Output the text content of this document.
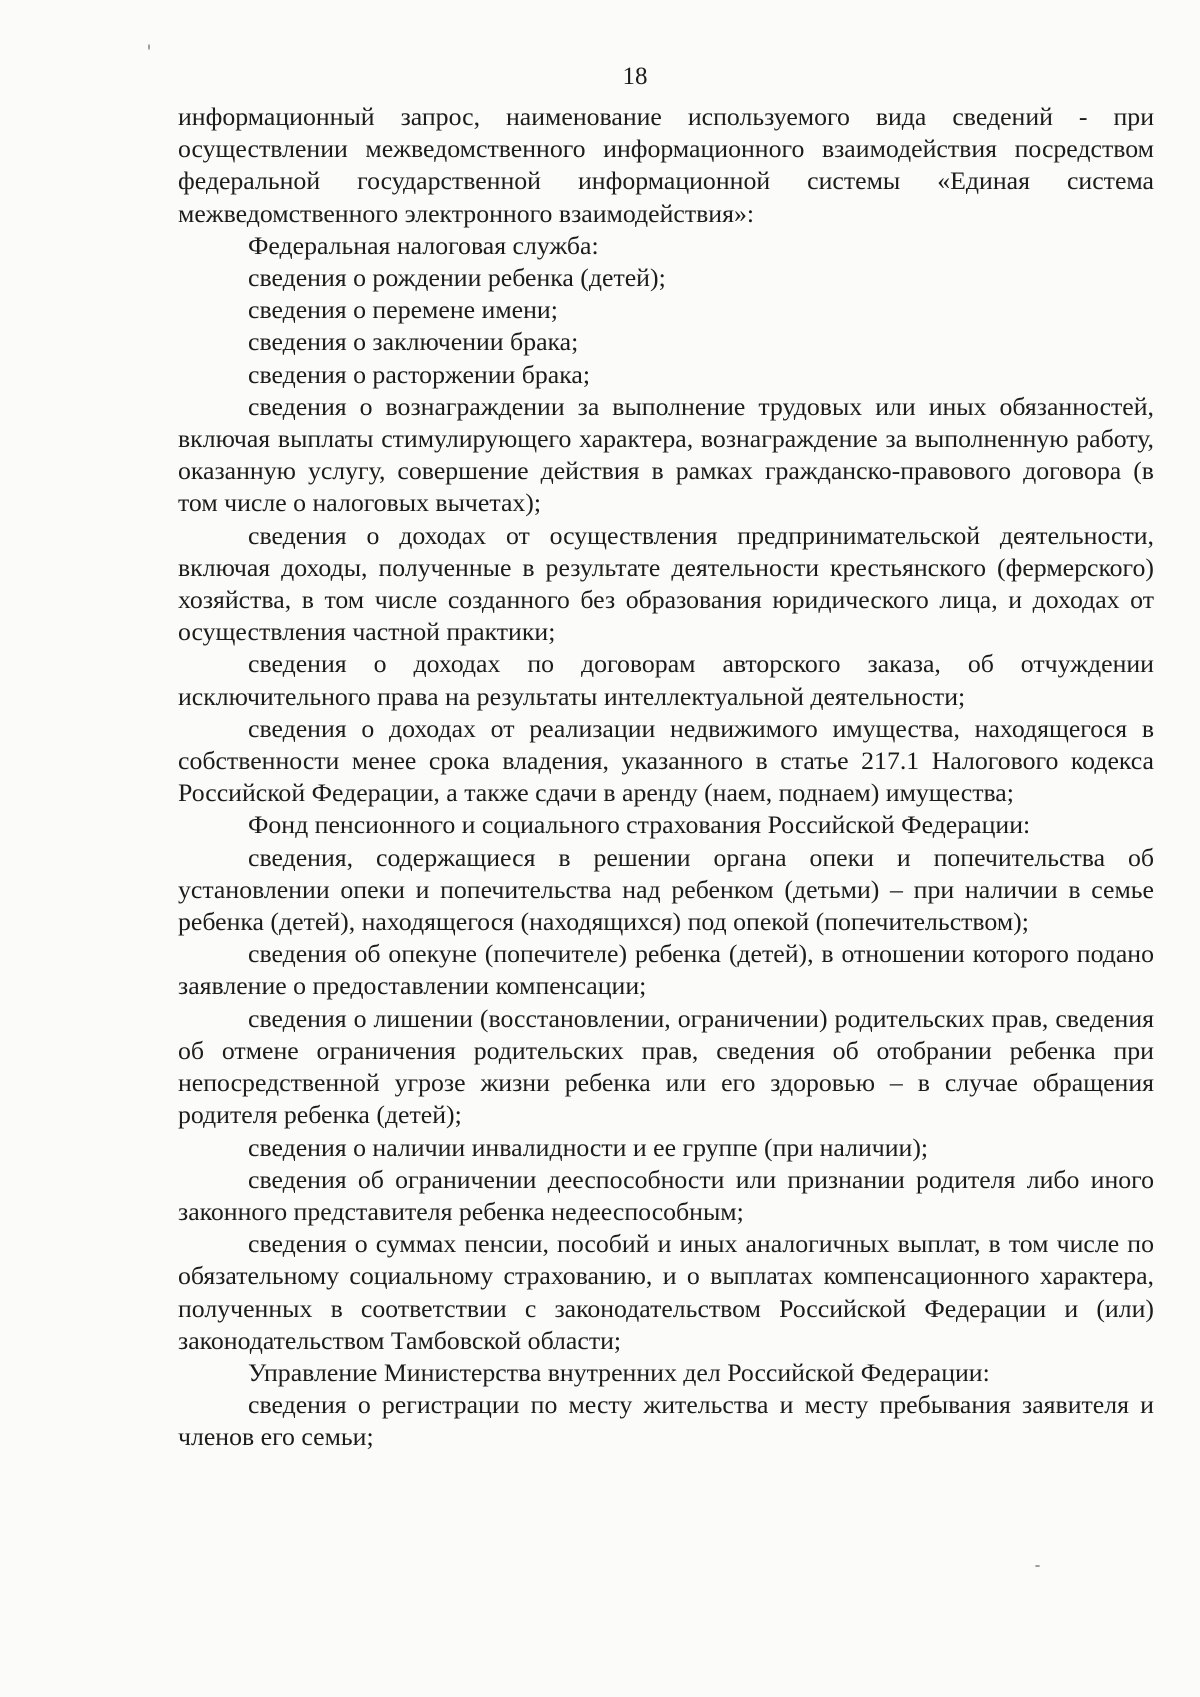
18

информационный запрос, наименование используемого вида сведений - при осуществлении межведомственного информационного взаимодействия посредством федеральной государственной информационной системы «Единая система межведомственного электронного взаимодействия»:

Федеральная налоговая служба:

сведения о рождении ребенка (детей);

сведения о перемене имени;

сведения о заключении брака;

сведения о расторжении брака;

сведения о вознаграждении за выполнение трудовых или иных обязанностей, включая выплаты стимулирующего характера, вознаграждение за выполненную работу, оказанную услугу, совершение действия в рамках гражданско-правового договора (в том числе о налоговых вычетах);

сведения о доходах от осуществления предпринимательской деятельности, включая доходы, полученные в результате деятельности крестьянского (фермерского) хозяйства, в том числе созданного без образования юридического лица, и доходах от осуществления частной практики;

сведения о доходах по договорам авторского заказа, об отчуждении исключительного права на результаты интеллектуальной деятельности;

сведения о доходах от реализации недвижимого имущества, находящегося в собственности менее срока владения, указанного в статье 217.1 Налогового кодекса Российской Федерации, а также сдачи в аренду (наем, поднаем) имущества;

Фонд пенсионного и социального страхования Российской Федерации:

сведения, содержащиеся в решении органа опеки и попечительства об установлении опеки и попечительства над ребенком (детьми) – при наличии в семье ребенка (детей), находящегося (находящихся) под опекой (попечительством);

сведения об опекуне (попечителе) ребенка (детей), в отношении которого подано заявление о предоставлении компенсации;

сведения о лишении (восстановлении, ограничении) родительских прав, сведения об отмене ограничения родительских прав, сведения об отобрании ребенка при непосредственной угрозе жизни ребенка или его здоровью – в случае обращения родителя ребенка (детей);

сведения о наличии инвалидности и ее группе (при наличии);

сведения об ограничении дееспособности или признании родителя либо иного законного представителя ребенка недееспособным;

сведения о суммах пенсии, пособий и иных аналогичных выплат, в том числе по обязательному социальному страхованию, и о выплатах компенсационного характера, полученных в соответствии с законодательством Российской Федерации и (или) законодательством Тамбовской области;

Управление Министерства внутренних дел Российской Федерации:

сведения о регистрации по месту жительства и месту пребывания заявителя и членов его семьи;
